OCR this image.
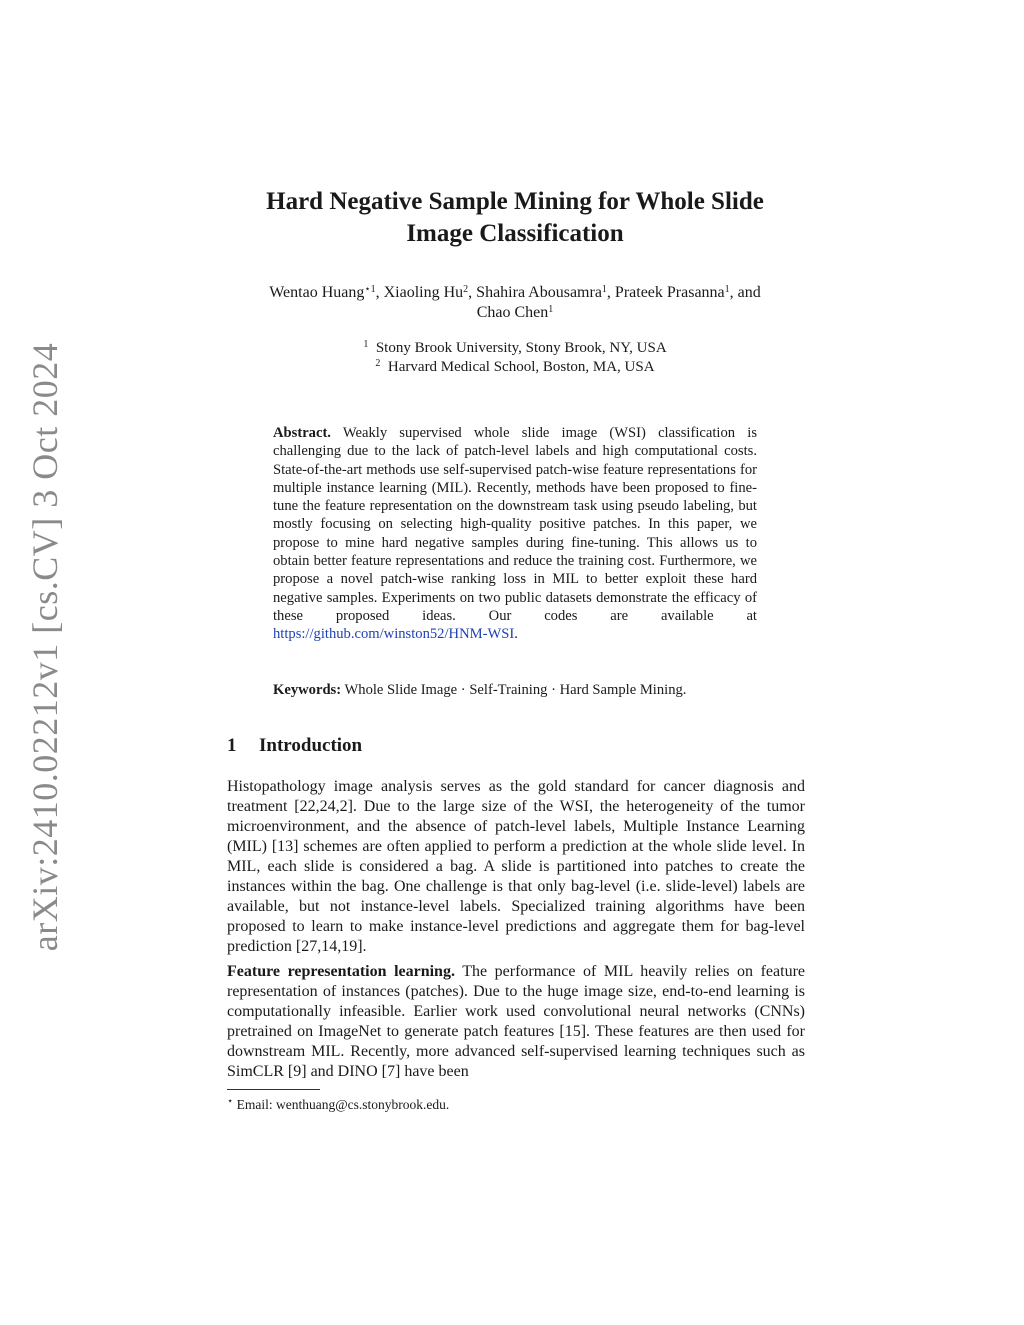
arXiv:2410.02212v1 [cs.CV] 3 Oct 2024
Hard Negative Sample Mining for Whole Slide
Image Classification
Wentao Huang$^{⋆1}$, Xiaoling Hu$^2$, Shahira Abousamra$^1$, Prateek Prasanna$^1$, and
Chao Chen$^1$
$^1$ Stony Brook University, Stony Brook, NY, USA
$^2$ Harvard Medical School, Boston, MA, USA
Abstract. Weakly supervised whole slide image (WSI) classification is challenging due to the lack of patch-level labels and high computational costs. State-of-the-art methods use self-supervised patch-wise feature representations for multiple instance learning (MIL). Recently, methods have been proposed to fine-tune the feature representation on the downstream task using pseudo labeling, but mostly focusing on selecting high-quality positive patches. In this paper, we propose to mine hard negative samples during fine-tuning. This allows us to obtain better feature representations and reduce the training cost. Furthermore, we propose a novel patch-wise ranking loss in MIL to better exploit these hard negative samples. Experiments on two public datasets demonstrate the efficacy of these proposed ideas. Our codes are available at https://github.com/winston52/HNM-WSI.
Keywords: Whole Slide Image · Self-Training · Hard Sample Mining.
1 Introduction
Histopathology image analysis serves as the gold standard for cancer diagnosis and treatment [22,24,2]. Due to the large size of the WSI, the heterogeneity of the tumor microenvironment, and the absence of patch-level labels, Multiple Instance Learning (MIL) [13] schemes are often applied to perform a prediction at the whole slide level. In MIL, each slide is considered a bag. A slide is partitioned into patches to create the instances within the bag. One challenge is that only bag-level (i.e. slide-level) labels are available, but not instance-level labels. Specialized training algorithms have been proposed to learn to make instance-level predictions and aggregate them for bag-level prediction [27,14,19].
Feature representation learning. The performance of MIL heavily relies on feature representation of instances (patches). Due to the huge image size, end-to-end learning is computationally infeasible. Earlier work used convolutional neural networks (CNNs) pretrained on ImageNet to generate patch features [15]. These features are then used for downstream MIL. Recently, more advanced self-supervised learning techniques such as SimCLR [9] and DINO [7] have been
⋆ Email: wenthuang@cs.stonybrook.edu.
